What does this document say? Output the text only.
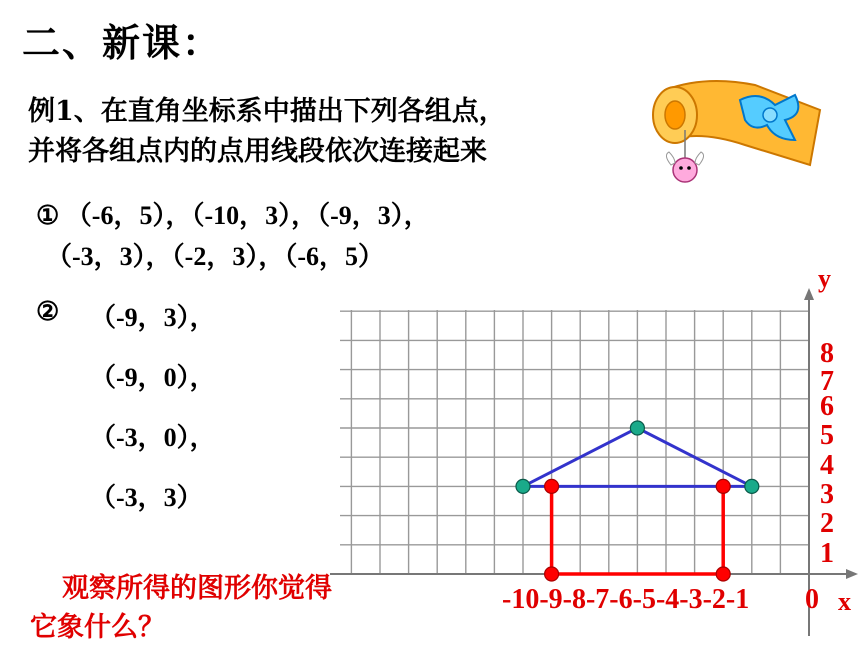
二、新课：
例1、在直角坐标系中描出下列各组点，
并将各组点内的点用线段依次连接起来
① （-6，5），（-10，3），（-9，3），
（-3，3），（-2，3），（-6，5）
② （-9，3），
（-9，0），
（-3，0），
（-3，3）
观察所得的图形你觉得
它象什么？
y
x
0
-10-9-8-7-6-5-4-3-2-1
1
2
3
4
5
6
7
8
